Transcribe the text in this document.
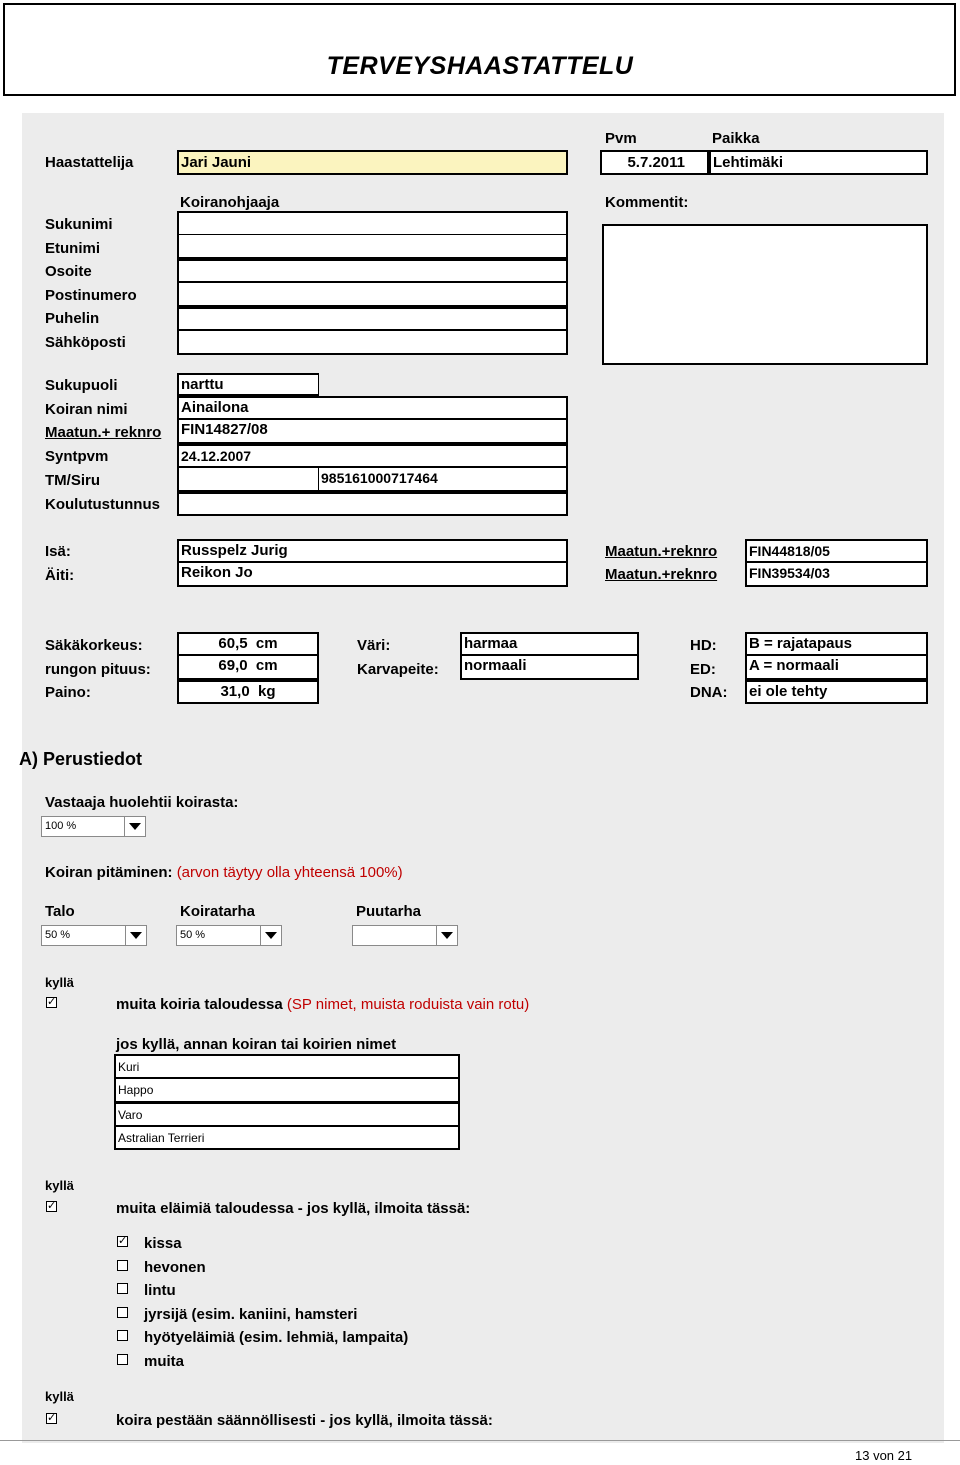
TERVEYSHAASTATTELU
Pvm	Paikka
Haastattelija	Jari Jauni	5.7.2011	Lehtimäki
Koiranohjaaja	Kommentit:
Sukunimi
Etunimi
Osoite
Postinumero
Puhelin
Sähköposti
Sukupuoli	narttu
Koiran nimi	Ainailona
Maatun.+ reknro FIN14827/08
Syntpvm	24.12.2007
TM/Siru	985161000717464
Koulutustunnus
Isä:	Russpelz Jurig	Maatun.+reknro FIN44818/05
Äiti:	Reikon Jo	Maatun.+reknro FIN39534/03
Säkäkorkeus:	60,5  cm
rungon pituus:	69,0  cm
Paino:	31,0  kg
Väri:	harmaa
Karvapeite: normaali
HD: B = rajatapaus
ED: A = normaali
DNA: ei ole tehty
A) Perustiedot
Vastaaja huolehtii koirasta:
100 %
Koiran pitäminen: (arvon täytyy olla yhteensä 100%)
Talo	Koiratarha	Puutarha
50 %	50 %
kyllä
✓	muita koiria taloudessa (SP nimet, muista roduista vain rotu)
jos kyllä, annan koiran tai koirien nimet
Kuri
Happo
Varo
Astralian Terrieri
kyllä
✓	muita eläimiä taloudessa - jos kyllä, ilmoita tässä:
✓ kissa
hevonen
lintu
jyrsijä (esim. kaniini, hamsteri
hyötyeläimiä (esim. lehmiä, lampaita)
muita
kyllä
✓	koira pestään säännöllisesti - jos kyllä, ilmoita tässä:
13 von 21
